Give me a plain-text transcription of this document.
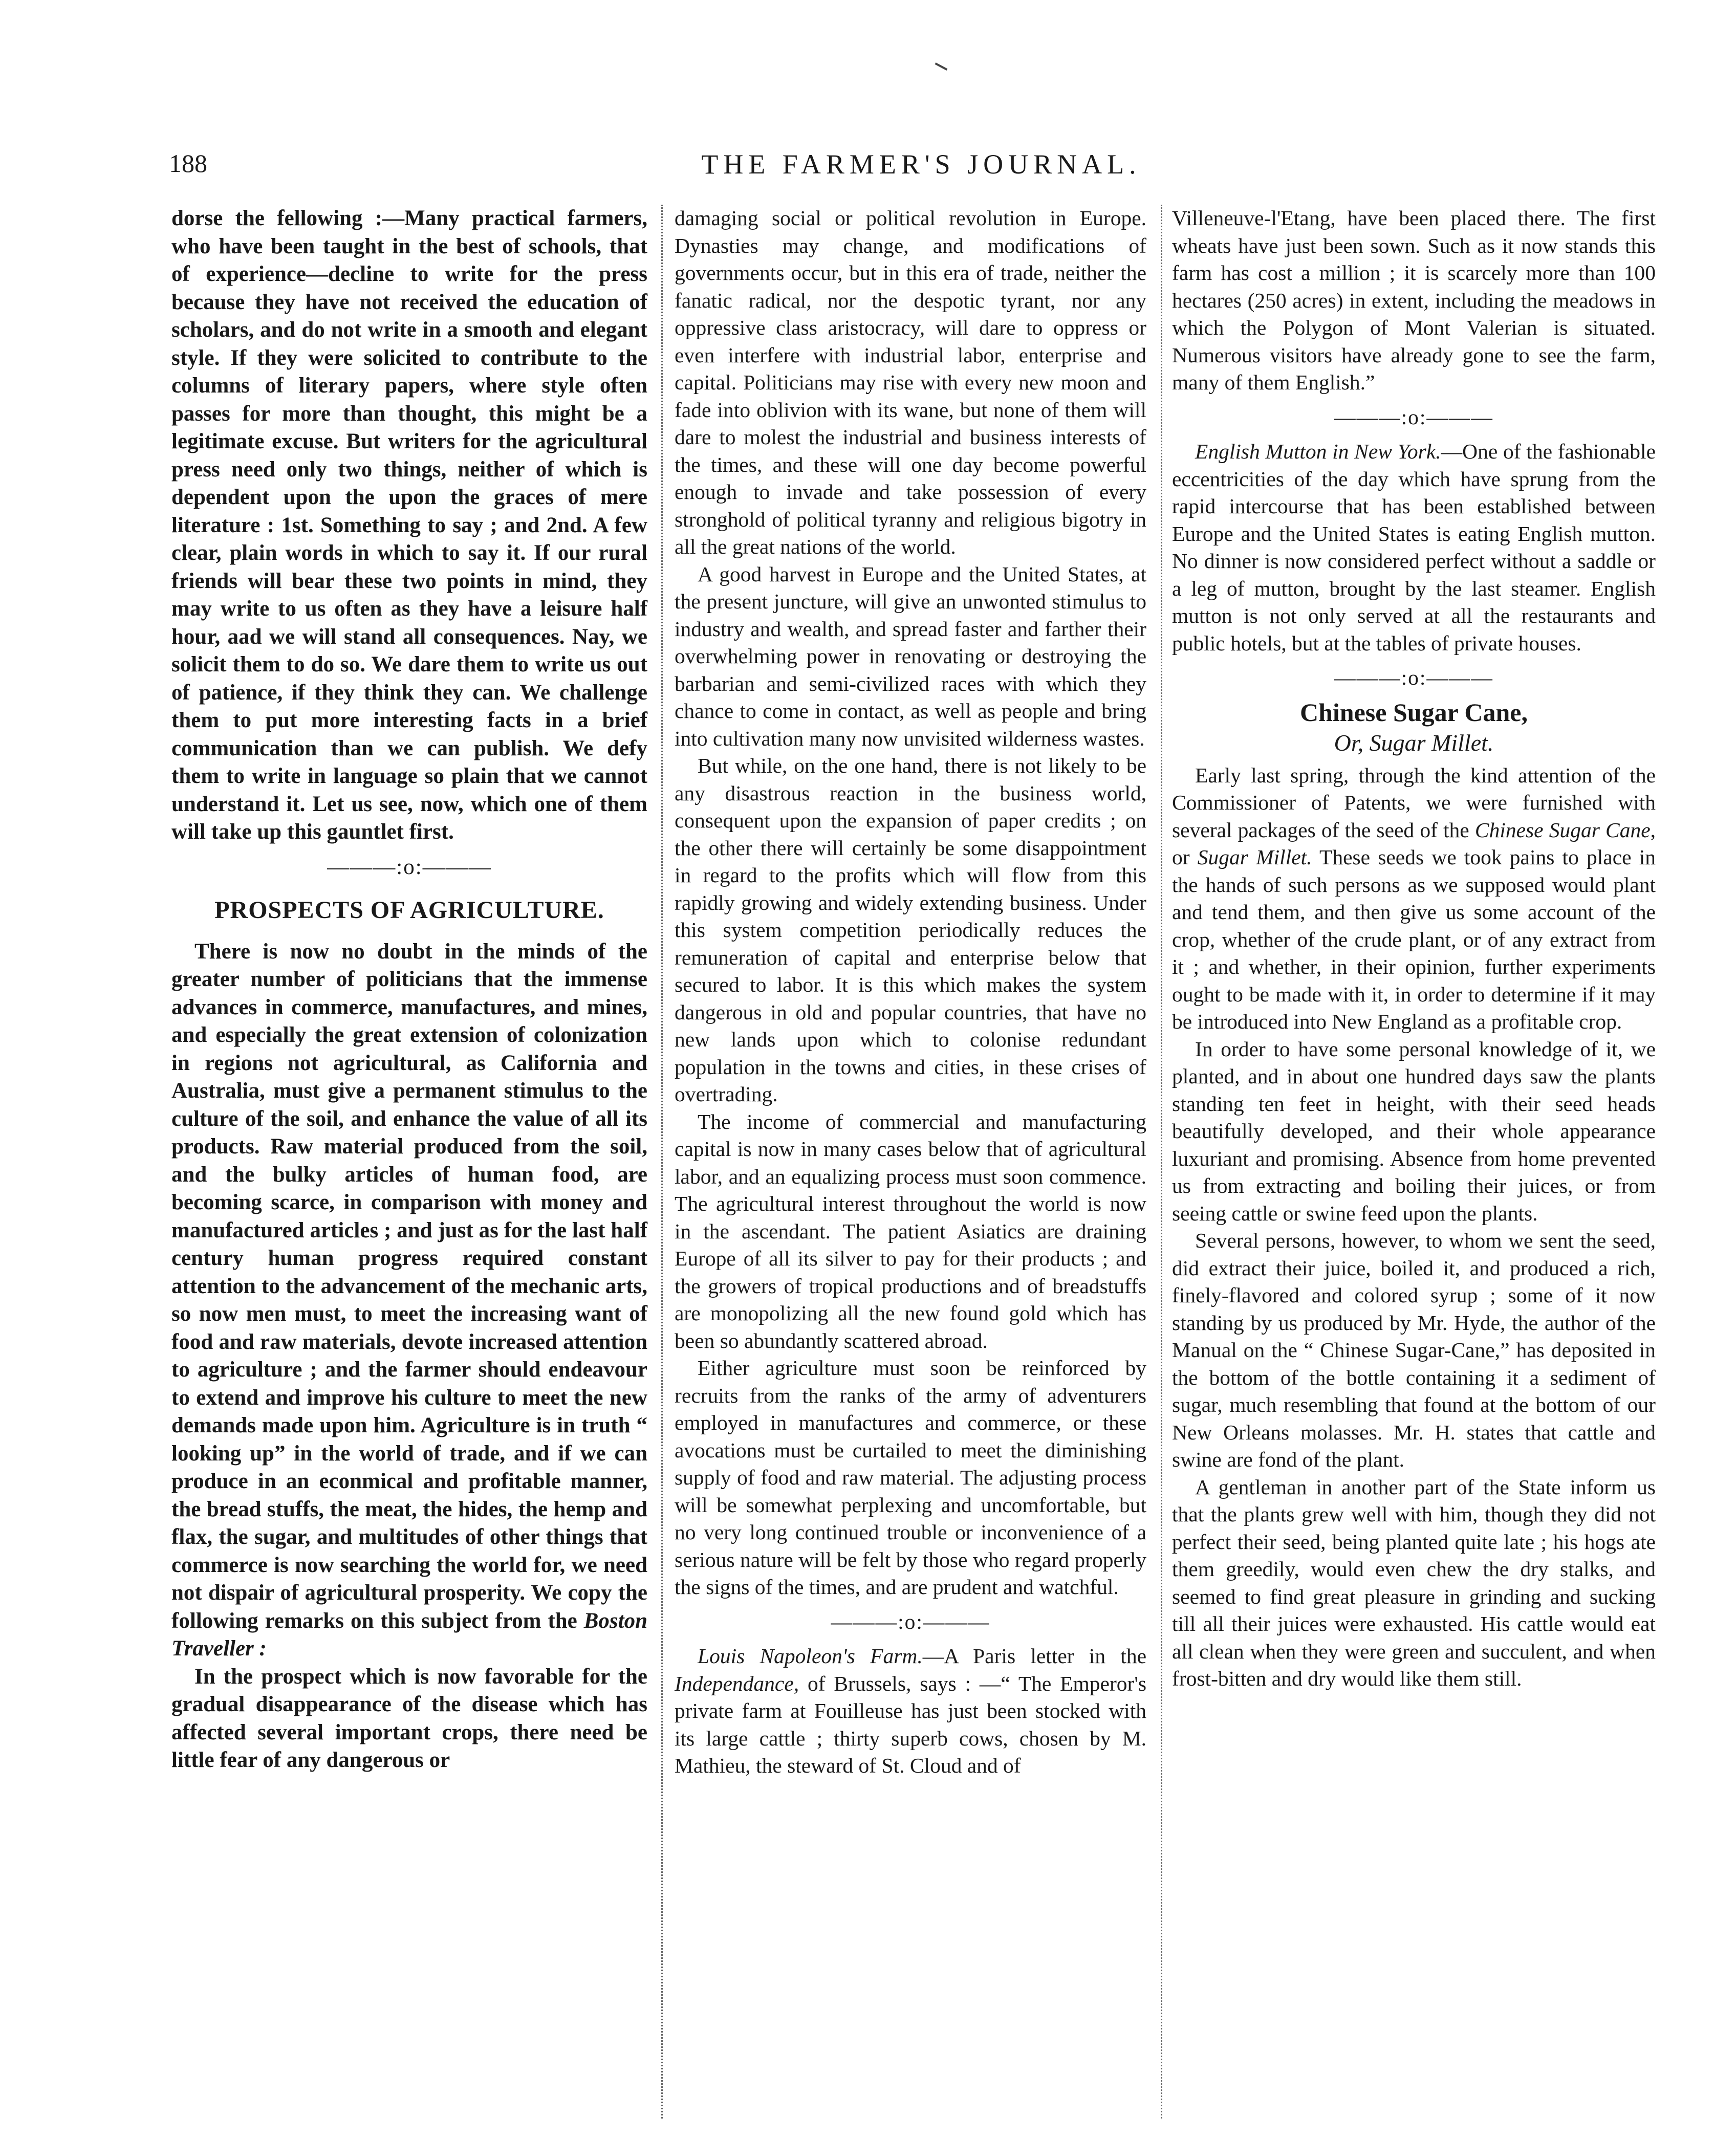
188	THE FARMER'S JOURNAL.

dorse the fellowing :—Many practical farmers, who have been taught in the best of schools, that of experience—decline to write for the press because they have not received the education of scholars, and do not write in a smooth and elegant style. If they were solicited to contribute to the columns of literary papers, where style often passes for more than thought, this might be a legitimate excuse. But writers for the agricultural press need only two things, neither of which is dependent upon the upon the graces of mere literature : 1st. Something to say ; and 2nd. A few clear, plain words in which to say it. If our rural friends will bear these two points in mind, they may write to us often as they have a leisure half hour, aad we will stand all consequences. Nay, we solicit them to do so. We dare them to write us out of patience, if they think they can. We challenge them to put more interesting facts in a brief communication than we can publish. We defy them to write in language so plain that we cannot understand it. Let us see, now, which one of them will take up this gauntlet first.

———:o:———
PROSPECTS OF AGRICULTURE.

There is now no doubt in the minds of the greater number of politicians that the immense advances in commerce, manufactures, and mines, and especially the great extension of colonization in regions not agricultural, as California and Australia, must give a permanent stimulus to the culture of the soil, and enhance the value of all its products. Raw material produced from the soil, and the bulky articles of human food, are becoming scarce, in comparison with money and manufactured articles ; and just as for the last half century human progress required constant attention to the advancement of the mechanic arts, so now men must, to meet the increasing want of food and raw materials, devote increased attention to agriculture ; and the farmer should endeavour to extend and improve his culture to meet the new demands made upon him. Agriculture is in truth “ looking up” in the world of trade, and if we can produce in an econmical and profitable manner, the bread stuffs, the meat, the hides, the hemp and flax, the sugar, and multitudes of other things that commerce is now searching the world for, we need not dispair of agricultural prosperity. We copy the following remarks on this subject from the Boston Traveller :

In the prospect which is now favorable for the gradual disappearance of the disease which has affected several important crops, there need be little fear of any dangerous or

damaging social or political revolution in Europe. Dynasties may change, and modifications of governments occur, but in this era of trade, neither the fanatic radical, nor the despotic tyrant, nor any oppressive class aristocracy, will dare to oppress or even interfere with industrial labor, enterprise and capital. Politicians may rise with every new moon and fade into oblivion with its wane, but none of them will dare to molest the industrial and business interests of the times, and these will one day become powerful enough to invade and take possession of every stronghold of political tyranny and religious bigotry in all the great nations of the world.

A good harvest in Europe and the United States, at the present juncture, will give an unwonted stimulus to industry and wealth, and spread faster and farther their overwhelming power in renovating or destroying the barbarian and semi-civilized races with which they chance to come in contact, as well as people and bring into cultivation many now unvisited wilderness wastes.

But while, on the one hand, there is not likely to be any disastrous reaction in the business world, consequent upon the expansion of paper credits ; on the other there will certainly be some disappointment in regard to the profits which will flow from this rapidly growing and widely extending business. Under this system competition periodically reduces the remuneration of capital and enterprise below that secured to labor. It is this which makes the system dangerous in old and popular countries, that have no new lands upon which to colonise redundant population in the towns and cities, in these crises of overtrading.

The income of commercial and manufacturing capital is now in many cases below that of agricultural labor, and an equalizing process must soon commence. The agricultural interest throughout the world is now in the ascendant. The patient Asiatics are draining Europe of all its silver to pay for their products ; and the growers of tropical productions and of breadstuffs are monopolizing all the new found gold which has been so abundantly scattered abroad.

Either agriculture must soon be reinforced by recruits from the ranks of the army of adventurers employed in manufactures and commerce, or these avocations must be curtailed to meet the diminishing supply of food and raw material. The adjusting process will be somewhat perplexing and uncomfortable, but no very long continued trouble or inconvenience of a serious nature will be felt by those who regard properly the signs of the times, and are prudent and watchful.

———:o:———

Louis Napoleon's Farm.—A Paris letter in the Independance, of Brussels, says : —“ The Emperor's private farm at Fouilleuse has just been stocked with its large cattle ; thirty superb cows, chosen by M. Mathieu, the steward of St. Cloud and of

Villeneuve-l'Etang, have been placed there. The first wheats have just been sown. Such as it now stands this farm has cost a million ; it is scarcely more than 100 hectares (250 acres) in extent, including the meadows in which the Polygon of Mont Valerian is situated. Numerous visitors have already gone to see the farm, many of them English.”

———:o:———

English Mutton in New York.—One of the fashionable eccentricities of the day which have sprung from the rapid intercourse that has been established between Europe and the United States is eating English mutton. No dinner is now considered perfect without a saddle or a leg of mutton, brought by the last steamer. English mutton is not only served at all the restaurants and public hotels, but at the tables of private houses.

———:o:———
Chinese Sugar Cane,
Or, Sugar Millet.

Early last spring, through the kind attention of the Commissioner of Patents, we were furnished with several packages of the seed of the Chinese Sugar Cane, or Sugar Millet. These seeds we took pains to place in the hands of such persons as we supposed would plant and tend them, and then give us some account of the crop, whether of the crude plant, or of any extract from it ; and whether, in their opinion, further experiments ought to be made with it, in order to determine if it may be introduced into New England as a profitable crop.

In order to have some personal knowledge of it, we planted, and in about one hundred days saw the plants standing ten feet in height, with their seed heads beautifully developed, and their whole appearance luxuriant and promising. Absence from home prevented us from extracting and boiling their juices, or from seeing cattle or swine feed upon the plants.

Several persons, however, to whom we sent the seed, did extract their juice, boiled it, and produced a rich, finely-flavored and colored syrup ; some of it now standing by us produced by Mr. Hyde, the author of the Manual on the “ Chinese Sugar-Cane,” has deposited in the bottom of the bottle containing it a sediment of sugar, much resembling that found at the bottom of our New Orleans molasses. Mr. H. states that cattle and swine are fond of the plant.

A gentleman in another part of the State inform us that the plants grew well with him, though they did not perfect their seed, being planted quite late ; his hogs ate them greedily, would even chew the dry stalks, and seemed to find great pleasure in grinding and sucking till all their juices were exhausted. His cattle would eat all clean when they were green and succulent, and when frost-bitten and dry would like them still.
